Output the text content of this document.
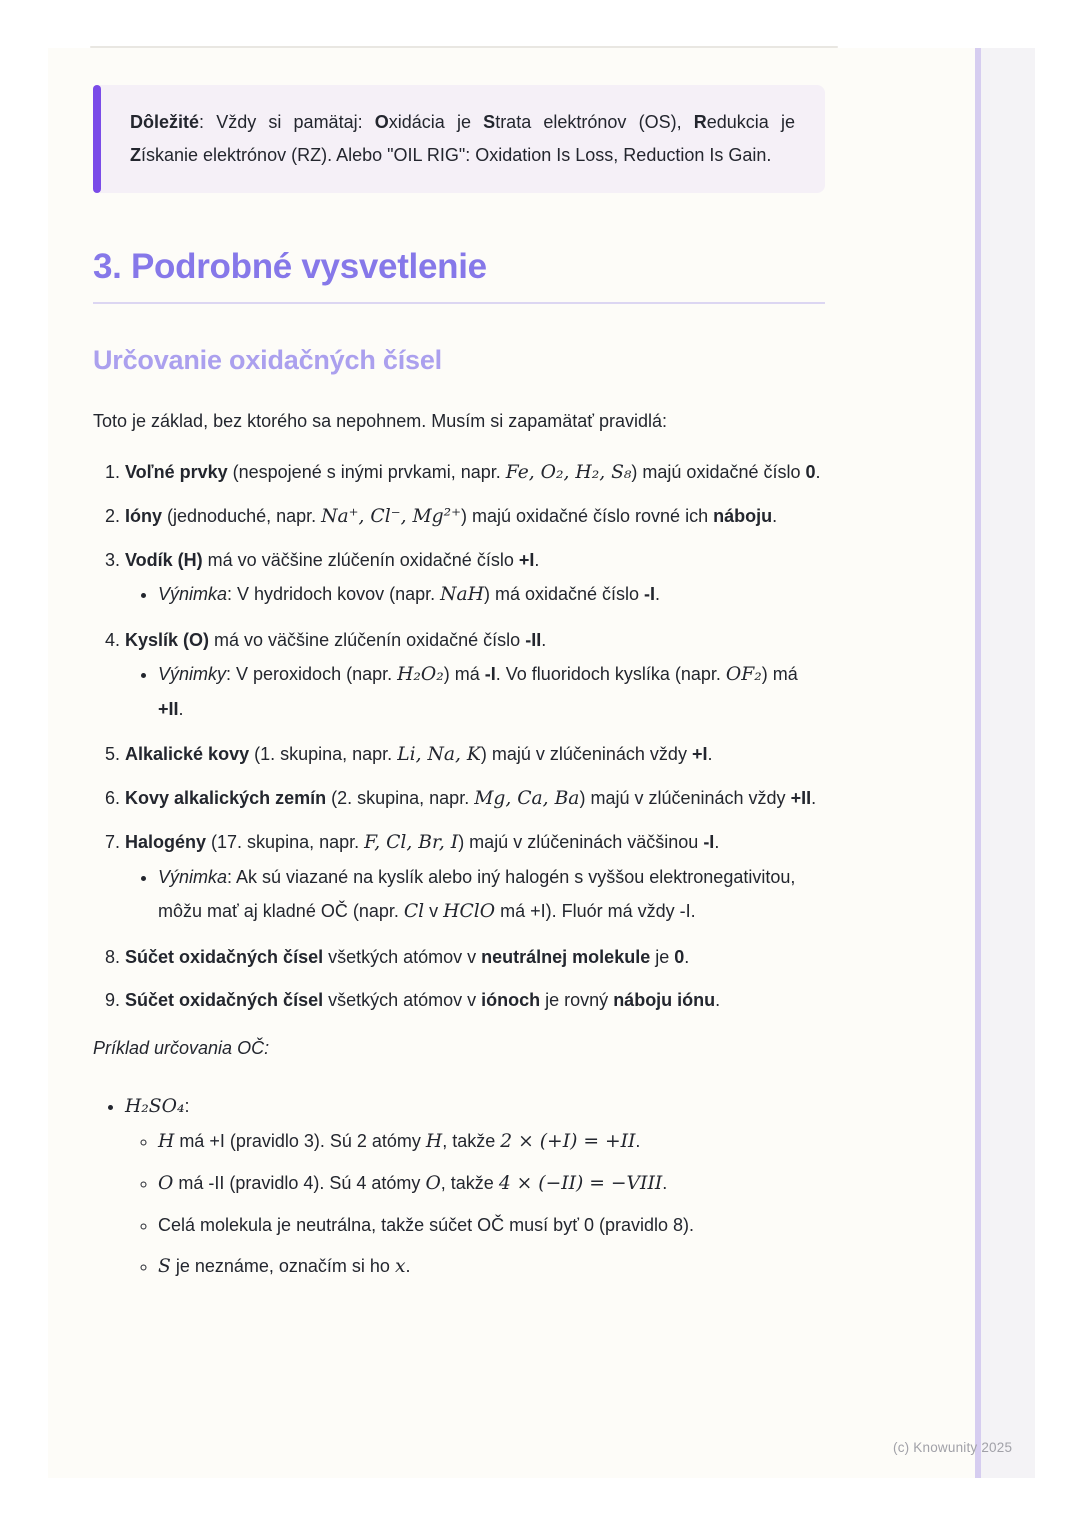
Dôležité: Vždy si pamätaj: Oxidácia je Strata elektrónov (OS), Redukcia je Získanie elektrónov (RZ). Alebo "OIL RIG": Oxidation Is Loss, Reduction Is Gain.

3. Podrobné vysvetlenie
Určovanie oxidačných čísel

Toto je základ, bez ktorého sa nepohnem. Musím si zapamätať pravidlá:

1. Voľné prvky (nespojené s inými prvkami, napr. Fe, O₂, H₂, S₈) majú oxidačné číslo 0.
2. Ióny (jednoduché, napr. Na⁺, Cl⁻, Mg²⁺) majú oxidačné číslo rovné ich náboju.
3. Vodík (H) má vo väčšine zlúčenín oxidačné číslo +I.
• Výnimka: V hydridoch kovov (napr. NaH) má oxidačné číslo -I.
4. Kyslík (O) má vo väčšine zlúčenín oxidačné číslo -II.
• Výnimky: V peroxidoch (napr. H₂O₂) má -I. Vo fluoridoch kyslíka (napr. OF₂) má +II.
5. Alkalické kovy (1. skupina, napr. Li, Na, K) majú v zlúčeninách vždy +I.
6. Kovy alkalických zemín (2. skupina, napr. Mg, Ca, Ba) majú v zlúčeninách vždy +II.
7. Halogény (17. skupina, napr. F, Cl, Br, I) majú v zlúčeninách väčšinou -I.
• Výnimka: Ak sú viazané na kyslík alebo iný halogén s vyššou elektronegativitou, môžu mať aj kladné OČ (napr. Cl v HClO má +I). Fluór má vždy -I.
8. Súčet oxidačných čísel všetkých atómov v neutrálnej molekule je 0.
9. Súčet oxidačných čísel všetkých atómov v iónoch je rovný náboju iónu.

Príklad určovania OČ:

• H₂SO₄:
◦ H má +I (pravidlo 3). Sú 2 atómy H, takže 2 × (+I) = +II.
◦ O má -II (pravidlo 4). Sú 4 atómy O, takže 4 × (−II) = −VIII.
◦ Celá molekula je neutrálna, takže súčet OČ musí byť 0 (pravidlo 8).
◦ S je neznáme, označím si ho x.
(c) Knowunity 2025
